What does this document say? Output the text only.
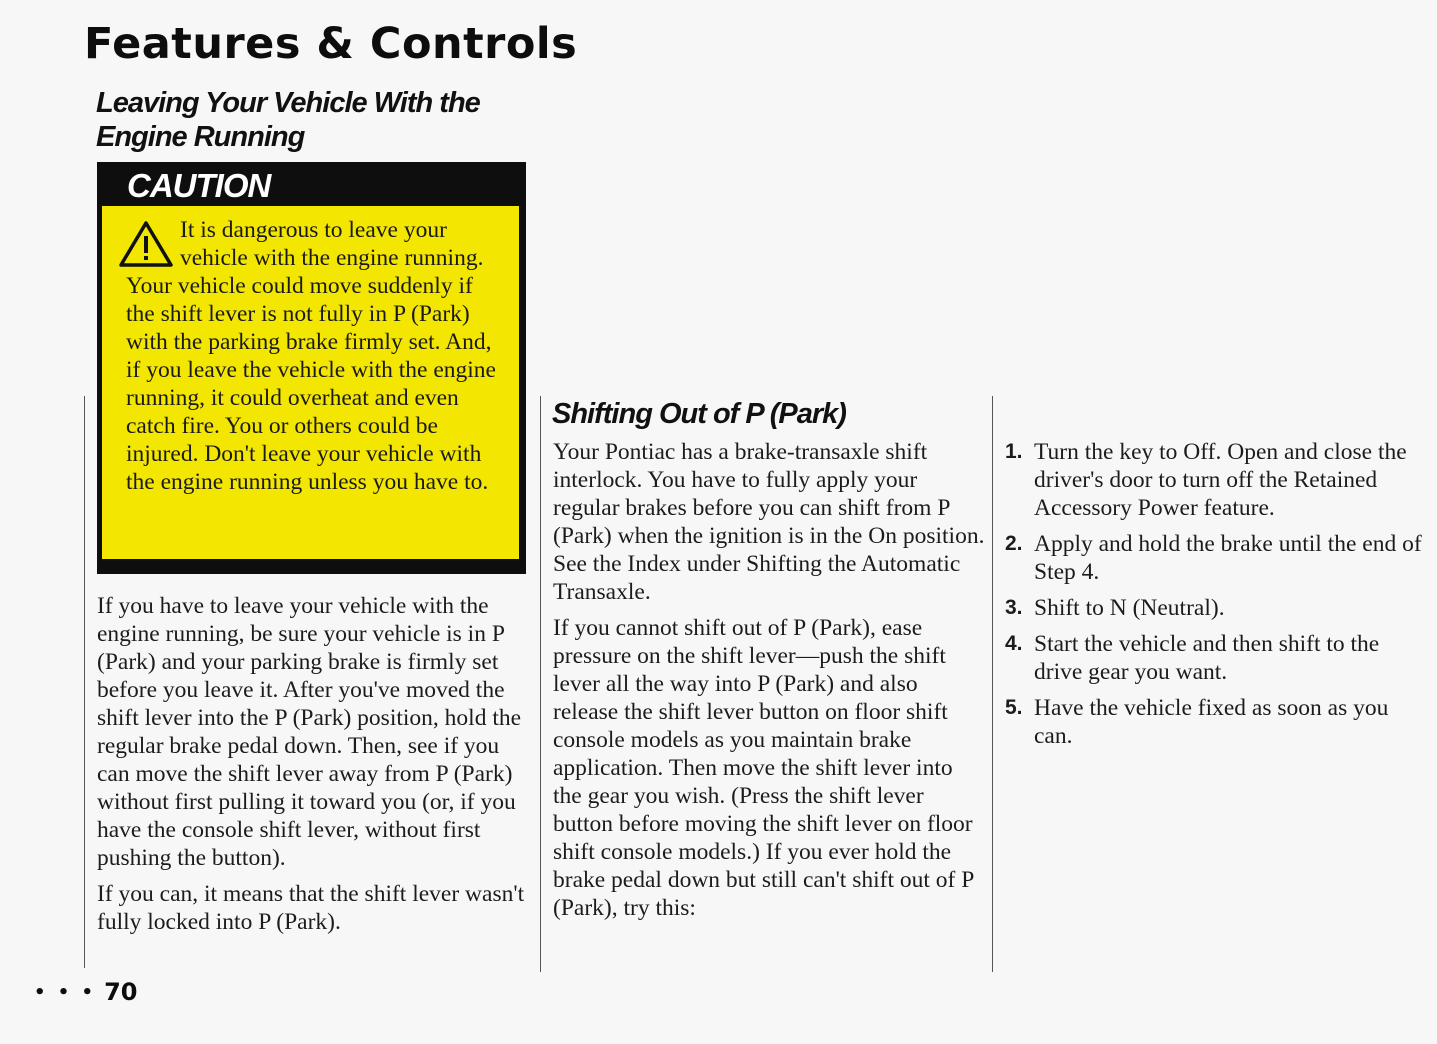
Features & Controls
Leaving Your Vehicle With the
Engine Running
CAUTION
It is dangerous to leave your vehicle with the engine running. Your vehicle could move suddenly if the shift lever is not fully in P (Park) with the parking brake firmly set. And, if you leave the vehicle with the engine running, it could overheat and even catch fire. You or others could be injured. Don't leave your vehicle with the engine running unless you have to.

If you have to leave your vehicle with the engine running, be sure your vehicle is in P (Park) and your parking brake is firmly set before you leave it. After you've moved the shift lever into the P (Park) position, hold the regular brake pedal down. Then, see if you can move the shift lever away from P (Park) without first pulling it toward you (or, if you have the console shift lever, without first pushing the button).

If you can, it means that the shift lever wasn't fully locked into P (Park).

Shifting Out of P (Park)

Your Pontiac has a brake-transaxle shift interlock. You have to fully apply your regular brakes before you can shift from P (Park) when the ignition is in the On position. See the Index under Shifting the Automatic Transaxle.

If you cannot shift out of P (Park), ease pressure on the shift lever—push the shift lever all the way into P (Park) and also release the shift lever button on floor shift console models as you maintain brake application. Then move the shift lever into the gear you wish. (Press the shift lever button before moving the shift lever on floor shift console models.) If you ever hold the brake pedal down but still can't shift out of P (Park), try this:

1. Turn the key to Off. Open and close the driver's door to turn off the Retained Accessory Power feature.
2. Apply and hold the brake until the end of Step 4.
3. Shift to N (Neutral).
4. Start the vehicle and then shift to the drive gear you want.
5. Have the vehicle fixed as soon as you can.
• • • 70
